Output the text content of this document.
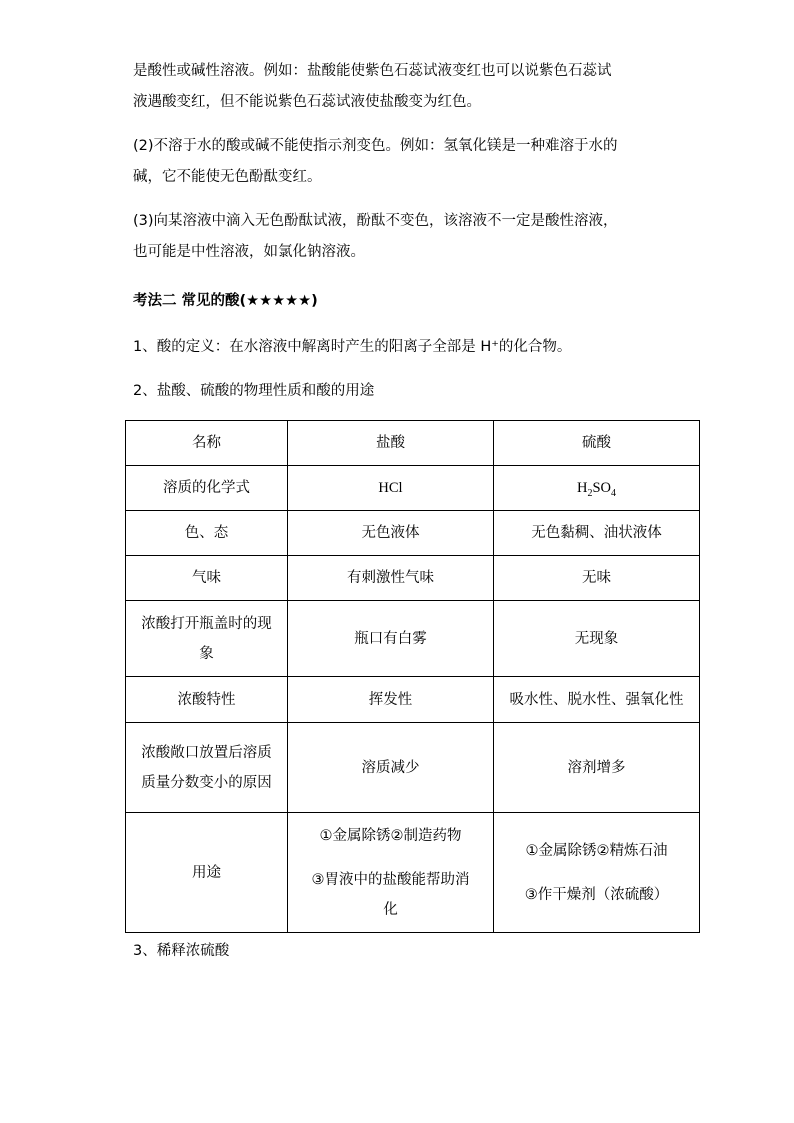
是酸性或碱性溶液。例如：盐酸能使紫色石蕊试液变红也可以说紫色石蕊试
液遇酸变红，但不能说紫色石蕊试液使盐酸变为红色。

(2)不溶于水的酸或碱不能使指示剂变色。例如：氢氧化镁是一种难溶于水的
碱，它不能使无色酚酞变红。

(3)向某溶液中滴入无色酚酞试液，酚酞不变色，该溶液不一定是酸性溶液，
也可能是中性溶液，如氯化钠溶液。

考法二 常见的酸(★★★★★)

1、酸的定义：在水溶液中解离时产生的阳离子全部是 H⁺的化合物。

2、盐酸、硫酸的物理性质和酸的用途

名称	盐酸	硫酸
溶质的化学式	HCl	$H_2SO_4$
色、态	无色液体	无色黏稠、油状液体
气味	有刺激性气味	无味

浓酸打开瓶盖时的现
象	瓶口有白雾	无现象
浓酸特性	挥发性	吸水性、脱水性、强氧化性

浓酸敞口放置后溶质
质量分数变小的原因	溶质减少	溶剂增多
用途	①金属除锈②制造药物
③胃液中的盐酸能帮助消
化	①金属除锈②精炼石油
③作干燥剂（浓硫酸）

3、稀释浓硫酸
